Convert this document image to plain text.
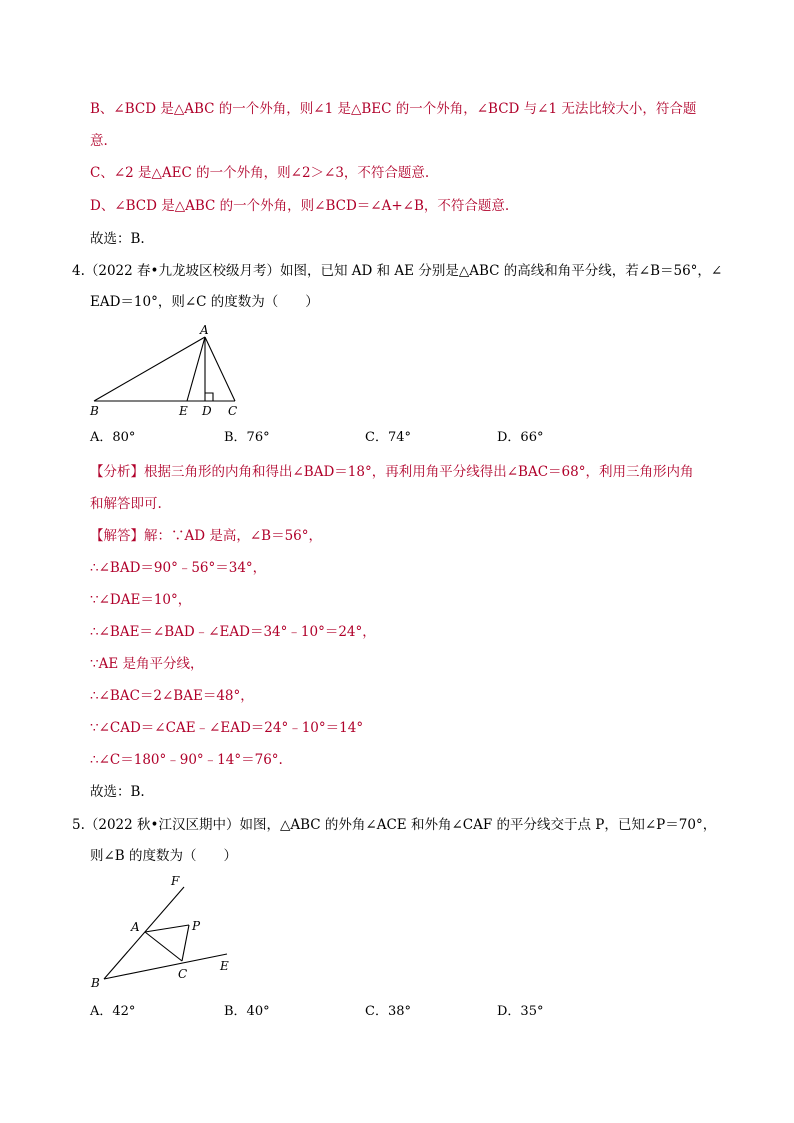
B、∠BCD 是△ABC 的一个外角，则∠1 是△BEC 的一个外角，∠BCD 与∠1 无法比较大小，符合题
意.
C、∠2 是△AEC 的一个外角，则∠2＞∠3，不符合题意.
D、∠BCD 是△ABC 的一个外角，则∠BCD＝∠A+∠B，不符合题意.
故选：B.
4.（2022 春•九龙坡区校级月考）如图，已知 AD 和 AE 分别是△ABC 的高线和角平分线，若∠B＝56°，∠
EAD＝10°，则∠C 的度数为（　　）
【分析】根据三角形的内角和得出∠BAD＝18°，再利用角平分线得出∠BAC＝68°，利用三角形内角
和解答即可.
【解答】解：∵AD 是高，∠B＝56°，
∴∠BAD＝90°﹣56°＝34°，
∵∠DAE＝10°，
∴∠BAE＝∠BAD﹣∠EAD＝34°﹣10°＝24°，
∵AE 是角平分线，
∴∠BAC＝2∠BAE＝48°，
∵∠CAD＝∠CAE﹣∠EAD＝24°﹣10°＝14°
∴∠C＝180°﹣90°﹣14°＝76°.
故选：B.
5.（2022 秋•江汉区期中）如图，△ABC 的外角∠ACE 和外角∠CAF 的平分线交于点 P，已知∠P＝70°，
则∠B 的度数为（　　）
A
B	E D C
F
A	P
B
C
E
A．80°	B．76°	C．74°	D．66°
A．42°	B．40°	C．38°	D．35°
